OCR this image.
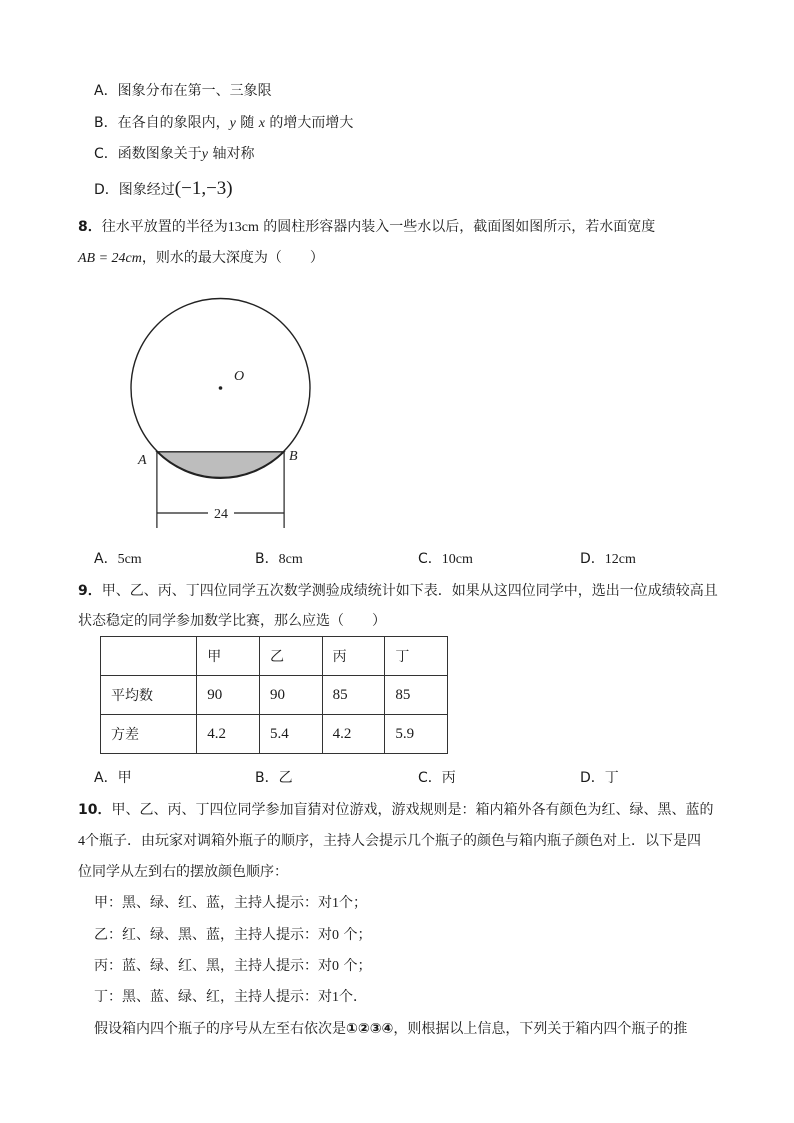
A．图象分布在第一、三象限
B．在各自的象限内，y 随 x 的增大而增大
C．函数图象关于y 轴对称
D．图象经过(−1,−3)
8．往水平放置的半径为13cm 的圆柱形容器内装入一些水以后，截面图如图所示，若水面宽度
AB = 24cm，则水的最大深度为（　　）
O
A	B
24
A．5cm	B．8cm	C．10cm	D．12cm
9．甲、乙、丙、丁四位同学五次数学测验成绩统计如下表．如果从这四位同学中，选出一位成绩较高且
状态稳定的同学参加数学比赛，那么应选（　　）
	甲	乙	丙	丁
平均数	90	90	85	85
方差	4.2	5.4	4.2	5.9
A．甲	B．乙	C．丙	D．丁
10．甲、乙、丙、丁四位同学参加盲猜对位游戏，游戏规则是：箱内箱外各有颜色为红、绿、黑、蓝的
4个瓶子．由玩家对调箱外瓶子的顺序，主持人会提示几个瓶子的颜色与箱内瓶子颜色对上．以下是四
位同学从左到右的摆放颜色顺序：
甲：黑、绿、红、蓝，主持人提示：对1个；
乙：红、绿、黑、蓝，主持人提示：对0 个；
丙：蓝、绿、红、黑，主持人提示：对0 个；
丁：黑、蓝、绿、红，主持人提示：对1个．
假设箱内四个瓶子的序号从左至右依次是①②③④，则根据以上信息，下列关于箱内四个瓶子的推
